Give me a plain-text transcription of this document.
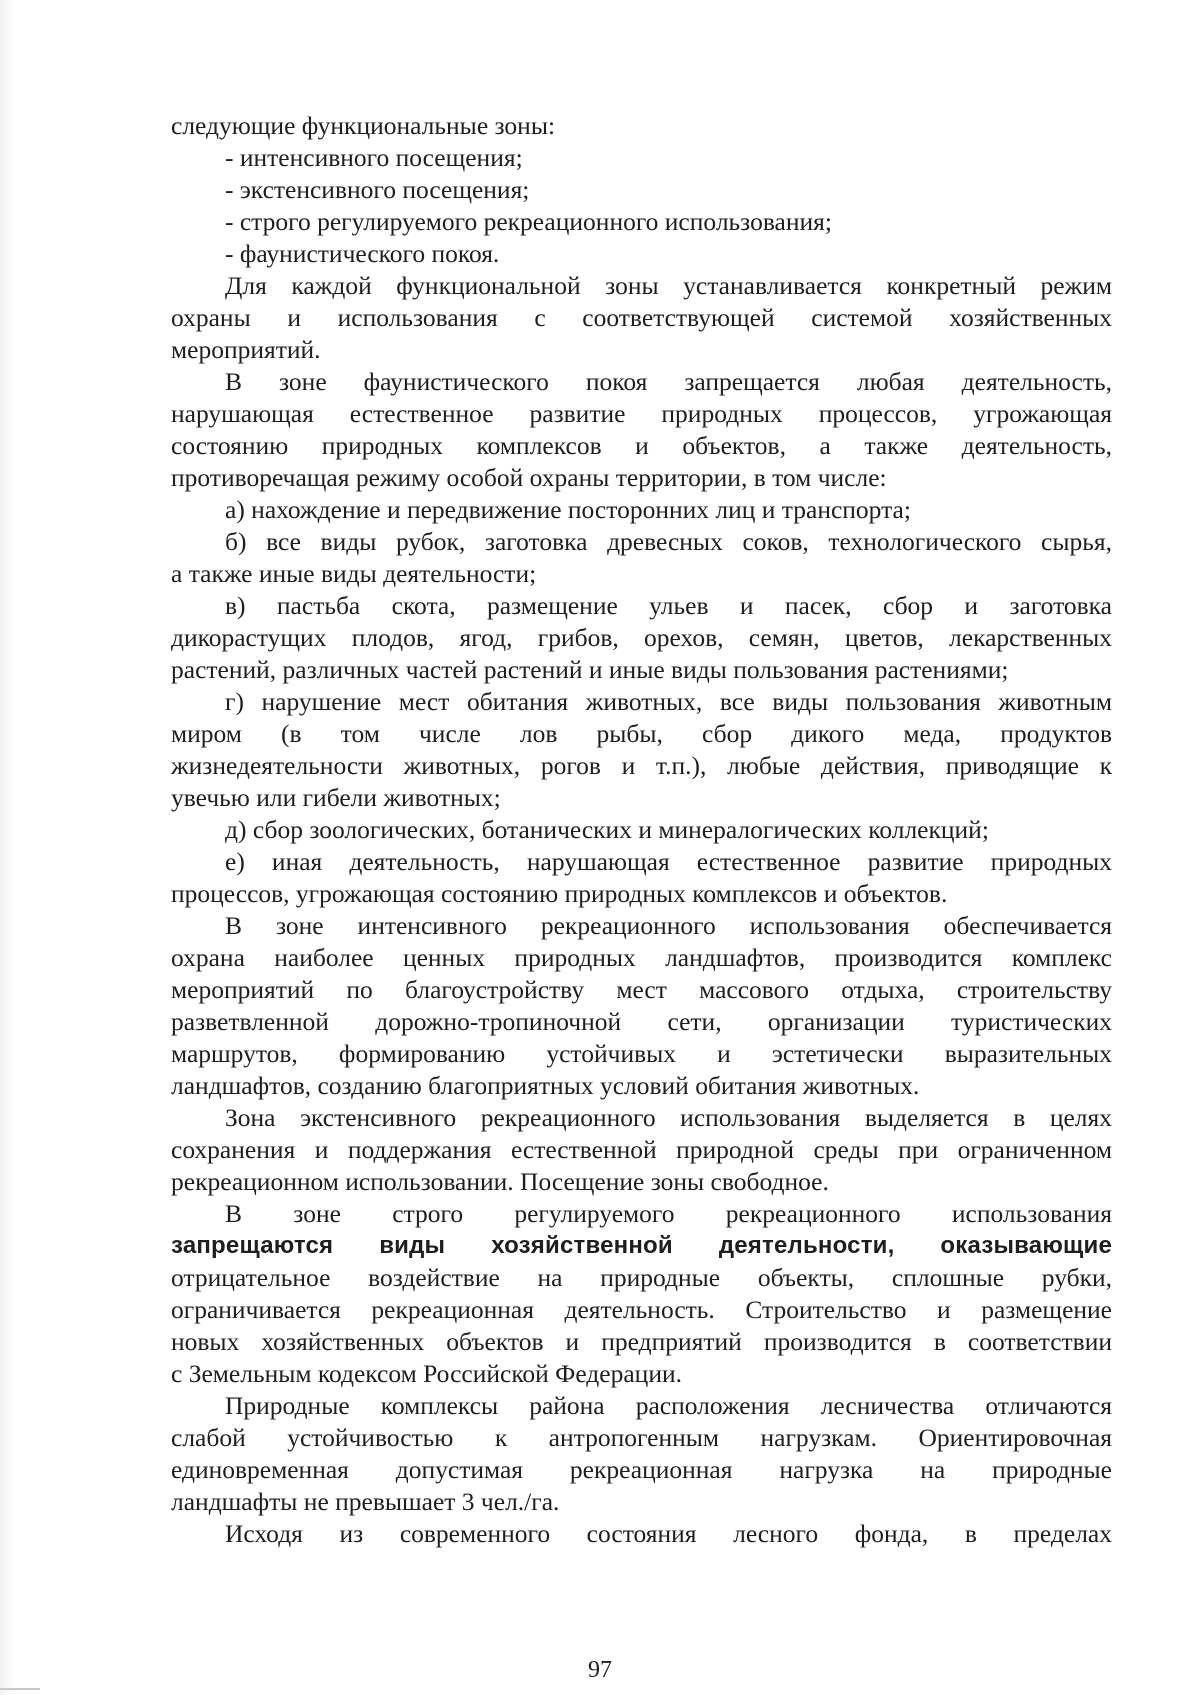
следующие функциональные зоны:
- интенсивного посещения;
- экстенсивного посещения;
- строго регулируемого рекреационного использования;
- фаунистического покоя.
Для каждой функциональной зоны устанавливается конкретный режим
охраны и использования с соответствующей системой хозяйственных
мероприятий.
В зоне фаунистического покоя запрещается любая деятельность,
нарушающая естественное развитие природных процессов, угрожающая
состоянию природных комплексов и объектов, а также деятельность,
противоречащая режиму особой охраны территории, в том числе:
а) нахождение и передвижение посторонних лиц и транспорта;
б) все виды рубок, заготовка древесных соков, технологического сырья,
а также иные виды деятельности;
в) пастьба скота, размещение ульев и пасек, сбор и заготовка
дикорастущих плодов, ягод, грибов, орехов, семян, цветов, лекарственных
растений, различных частей растений и иные виды пользования растениями;
г) нарушение мест обитания животных, все виды пользования животным
миром (в том числе лов рыбы, сбор дикого меда, продуктов
жизнедеятельности животных, рогов и т.п.), любые действия, приводящие к
увечью или гибели животных;
д) сбор зоологических, ботанических и минералогических коллекций;
е) иная деятельность, нарушающая естественное развитие природных
процессов, угрожающая состоянию природных комплексов и объектов.
В зоне интенсивного рекреационного использования обеспечивается
охрана наиболее ценных природных ландшафтов, производится комплекс
мероприятий по благоустройству мест массового отдыха, строительству
разветвленной дорожно-тропиночной сети, организации туристических
маршрутов, формированию устойчивых и эстетически выразительных
ландшафтов, созданию благоприятных условий обитания животных.
Зона экстенсивного рекреационного использования выделяется в целях
сохранения и поддержания естественной природной среды при ограниченном
рекреационном использовании. Посещение зоны свободное.
В зоне строго регулируемого рекреационного использования
запрещаются виды хозяйственной деятельности, оказывающие
отрицательное воздействие на природные объекты, сплошные рубки,
ограничивается рекреационная деятельность. Строительство и размещение
новых хозяйственных объектов и предприятий производится в соответствии
с Земельным кодексом Российской Федерации.
Природные комплексы района расположения лесничества отличаются
слабой устойчивостью к антропогенным нагрузкам. Ориентировочная
единовременная допустимая рекреационная нагрузка на природные
ландшафты не превышает 3 чел./га.
Исходя из современного состояния лесного фонда, в пределах
97
